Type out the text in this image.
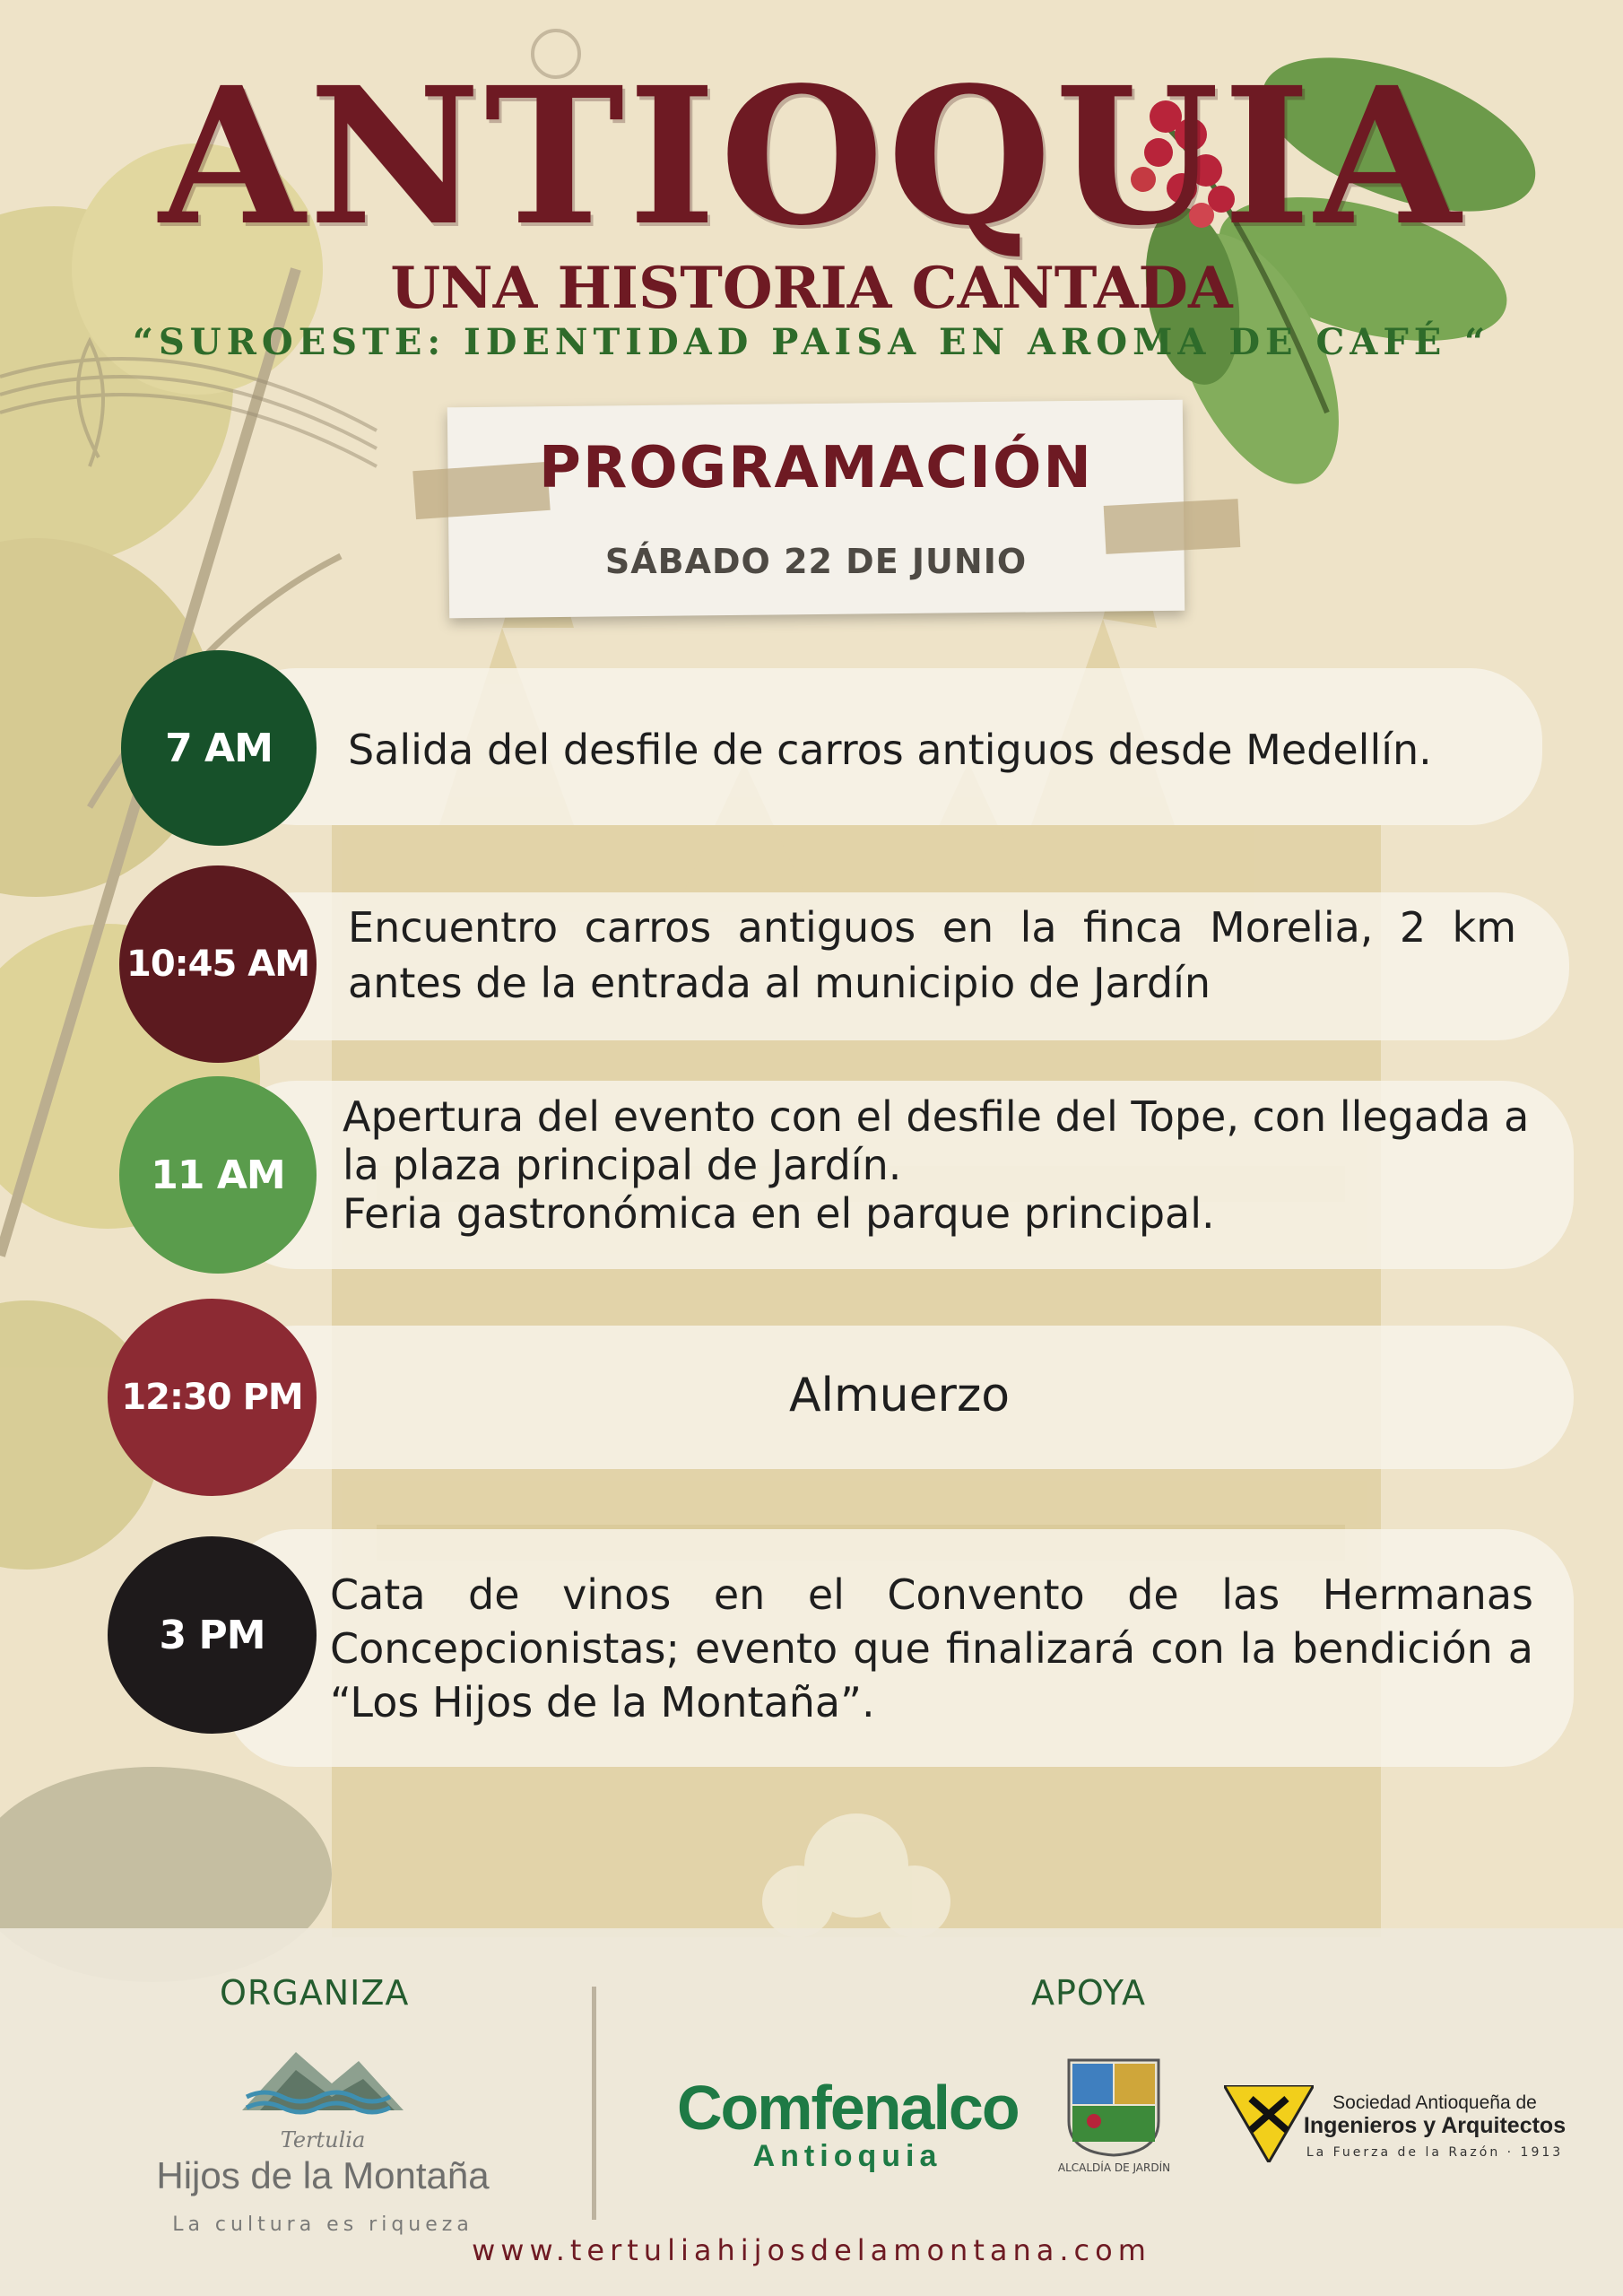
ANTIOQUIA
UNA HISTORIA CANTADA
“SUROESTE: IDENTIDAD PAISA EN AROMA DE CAFÉ “
PROGRAMACIÓN
SÁBADO 22 DE JUNIO
7 AM	Salida del desfile de carros antiguos desde Medellín.
10:45 AM
Encuentro carros antiguos en la finca Morelia, 2 km antes de la entrada al municipio de Jardín
11 AM
Apertura del evento con el desfile del Tope, con llegada a la plaza principal de Jardín.
Feria gastronómica en el parque principal.
12:30 PM	Almuerzo
3 PM
Cata de vinos en el Convento de las Hermanas Concepcionistas; evento que finalizará con la bendición a “Los Hijos de la Montaña”.
ORGANIZA	APOYA
Tertulia
Hijos de la Montaña
La cultura es riqueza
Comfenalco
Antioquia	ALCALDÍA DE JARDÍN
Sociedad Antioqueña de
Ingenieros y Arquitectos
La Fuerza de la Razón · 1913
www.tertuliahijosdelamontana.com
